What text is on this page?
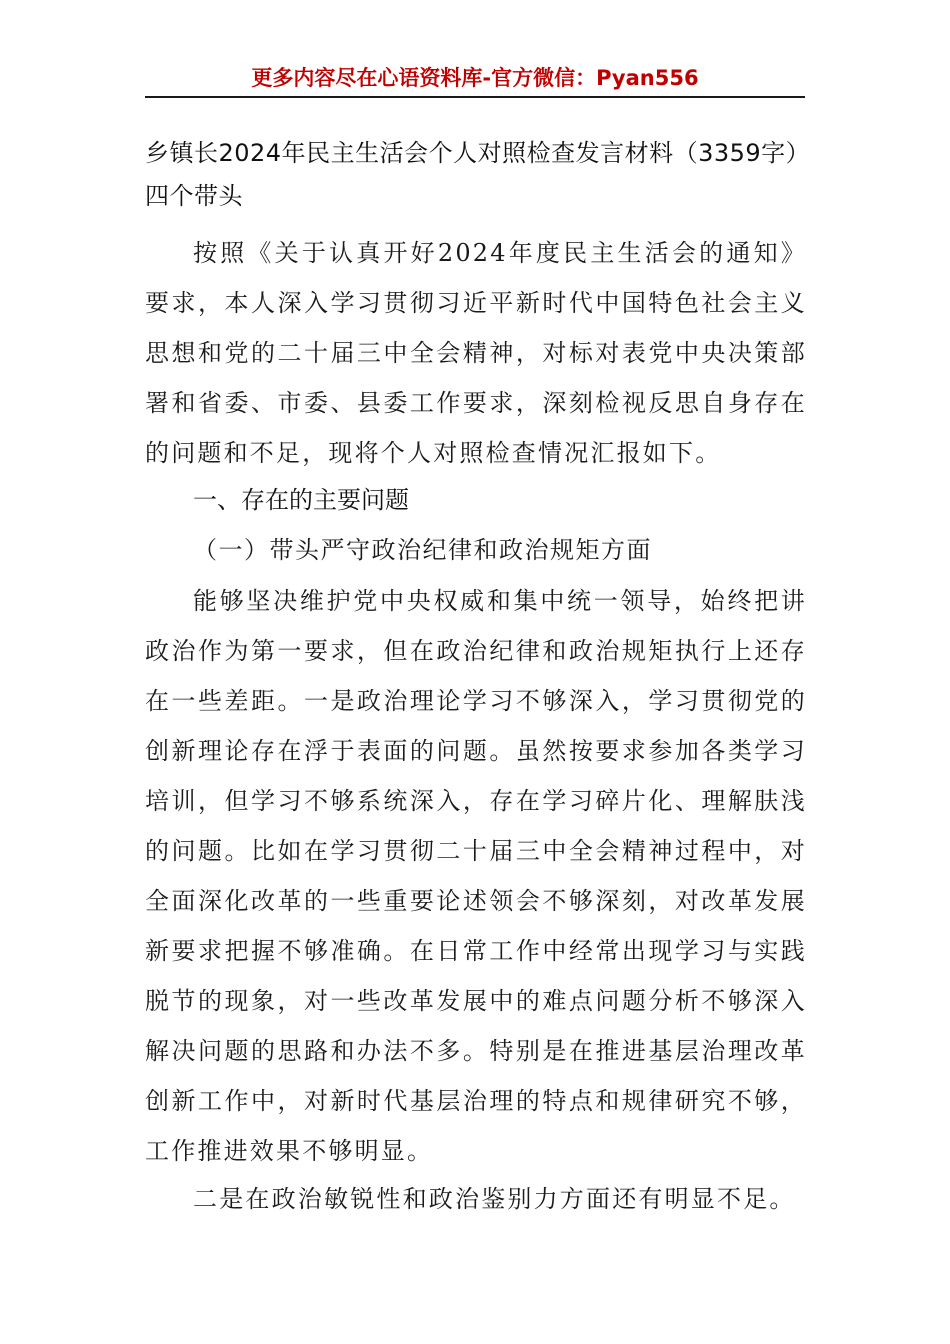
更多内容尽在心语资料库-官方微信：Pyan556
乡镇长2024年民主生活会个人对照检查发言材料（3359字）四个带头

按照《关于认真开好2024年度民主生活会的通知》要求，本人深入学习贯彻习近平新时代中国特色社会主义思想和党的二十届三中全会精神，对标对表党中央决策部署和省委、市委、县委工作要求，深刻检视反思自身存在的问题和不足，现将个人对照检查情况汇报如下。

一、存在的主要问题
（一）带头严守政治纪律和政治规矩方面

能够坚决维护党中央权威和集中统一领导，始终把讲政治作为第一要求，但在政治纪律和政治规矩执行上还存在一些差距。一是政治理论学习不够深入，学习贯彻党的创新理论存在浮于表面的问题。虽然按要求参加各类学习培训，但学习不够系统深入，存在学习碎片化、理解肤浅的问题。比如在学习贯彻二十届三中全会精神过程中，对全面深化改革的一些重要论述领会不够深刻，对改革发展新要求把握不够准确。在日常工作中经常出现学习与实践脱节的现象，对一些改革发展中的难点问题分析不够深入解决问题的思路和办法不多。特别是在推进基层治理改革创新工作中，对新时代基层治理的特点和规律研究不够，工作推进效果不够明显。

二是在政治敏锐性和政治鉴别力方面还有明显不足。
